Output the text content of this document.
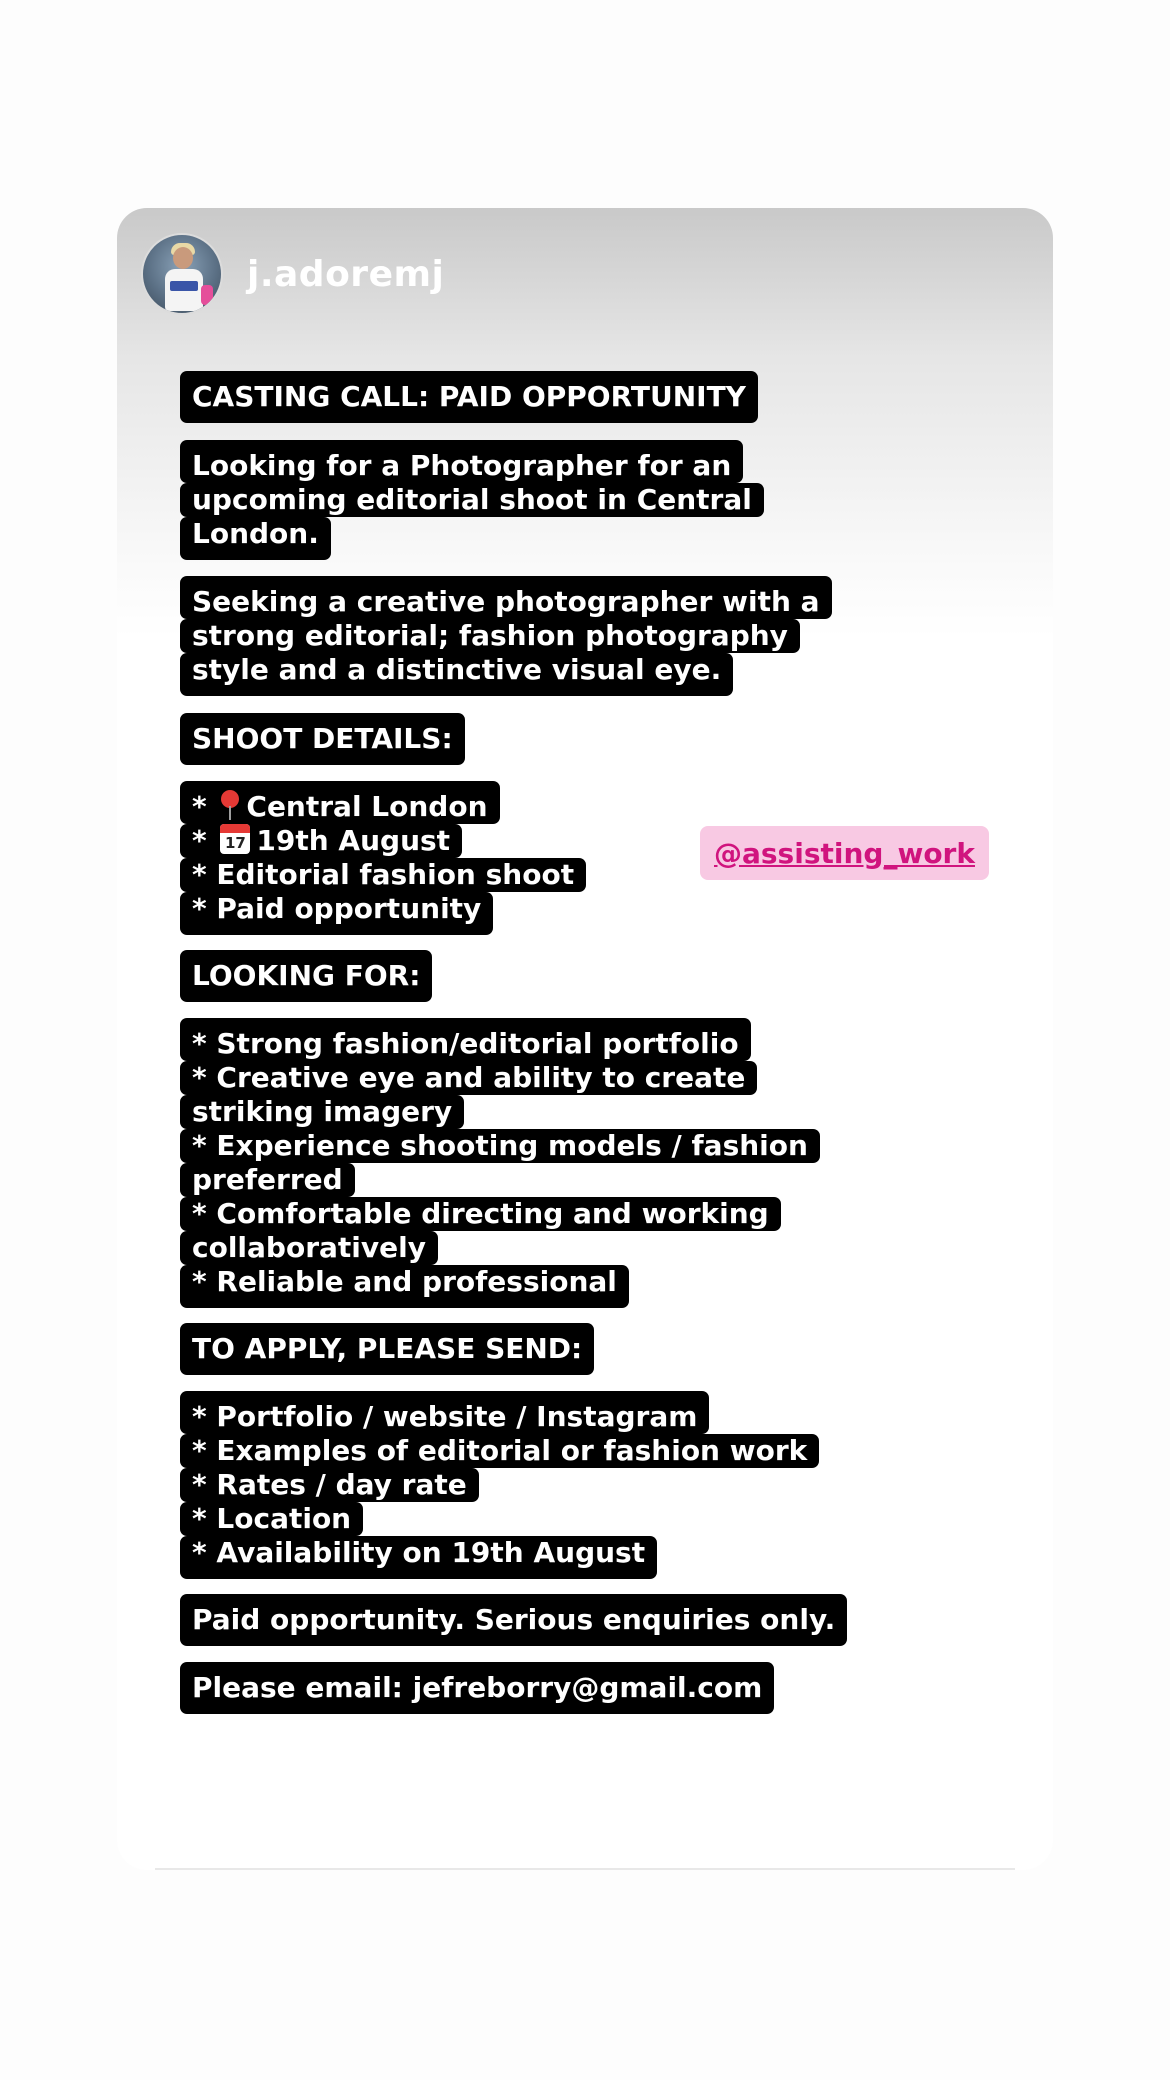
j.adoremj
CASTING CALL: PAID OPPORTUNITY
Looking for a Photographer for an
upcoming editorial shoot in Central
London.
Seeking a creative photographer with a
strong editorial; fashion photography
style and a distinctive visual eye.
SHOOT DETAILS:
*
Central London
* 17 19th August
* Editorial fashion shoot
* Paid opportunity
LOOKING FOR:
* Strong fashion/editorial portfolio
* Creative eye and ability to create
striking imagery
* Experience shooting models / fashion
preferred
* Comfortable directing and working
collaboratively
* Reliable and professional
TO APPLY, PLEASE SEND:
* Portfolio / website / Instagram
* Examples of editorial or fashion work
* Rates / day rate
* Location
* Availability on 19th August
Paid opportunity. Serious enquiries only.
Please email: jefreborry@gmail.com
@assisting_work
